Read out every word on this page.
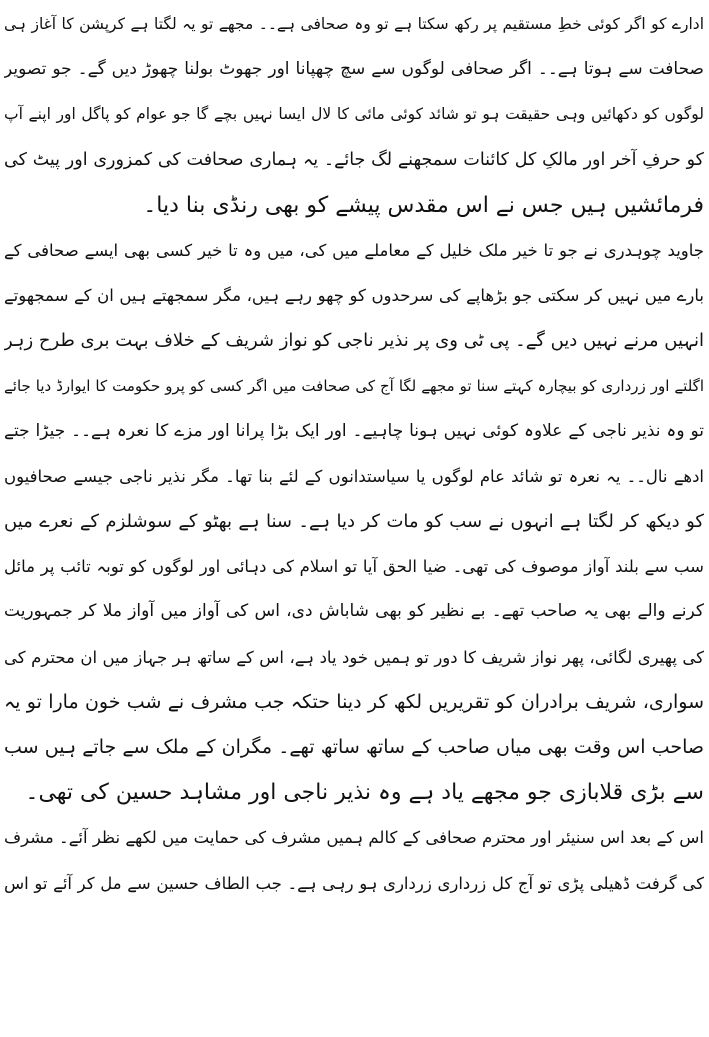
ادارے کو اگر کوئی خطِ مستقیم پر رکھ سکتا ہے تو وہ صحافی ہے۔۔ مجھے تو یہ لگتا ہے کرپشن کا آغاز ہی
صحافت سے ہوتا ہے۔۔ اگر صحافی لوگوں سے سچ چھپانا اور جھوٹ بولنا چھوڑ دیں گے۔ جو تصویر
لوگوں کو دکھائیں وہی حقیقت ہو تو شائد کوئی مائی کا لال ایسا نہیں بچے گا جو عوام کو پاگل اور اپنے آپ
کو حرفِ آخر اور مالکِ کل کائنات سمجھنے لگ جائے۔ یہ ہماری صحافت کی کمزوری اور پیٹ کی
فرمائشیں ہیں جس نے اس مقدس پیشے کو بھی رنڈی بنا دیا۔
جاوید چوہدری نے جو تا خیر ملک خلیل کے معاملے میں کی، میں وہ تا خیر کسی بھی ایسے صحافی کے
بارے میں نہیں کر سکتی جو بڑھاپے کی سرحدوں کو چھو رہے ہیں، مگر سمجھتے ہیں ان کے سمجھوتے
انہیں مرنے نہیں دیں گے۔ پی ٹی وی پر نذیر ناجی کو نواز شریف کے خلاف بہت بری طرح زہر
اگلتے اور زرداری کو بیچارہ کہتے سنا تو مجھے لگا آج کی صحافت میں اگر کسی کو پرو حکومت کا ایوارڈ دیا جائے
تو وہ نذیر ناجی کے علاوہ کوئی نہیں ہونا چاہیے۔ اور ایک بڑا پرانا اور مزے کا نعرہ ہے۔۔ جیڑا جتے
ادھے نال۔۔ یہ نعرہ تو شائد عام لوگوں یا سیاستدانوں کے لئے بنا تھا۔ مگر نذیر ناجی جیسے صحافیوں
کو دیکھ کر لگتا ہے انہوں نے سب کو مات کر دیا ہے۔ سنا ہے بھٹو کے سوشلزم کے نعرے میں
سب سے بلند آواز موصوف کی تھی۔ ضیا الحق آیا تو اسلام کی دہائی اور لوگوں کو توبہ تائب پر مائل
کرنے والے بھی یہ صاحب تھے۔ بے نظیر کو بھی شاباش دی، اس کی آواز میں آواز ملا کر جمہوریت
کی پھیری لگائی، پھر نواز شریف کا دور تو ہمیں خود یاد ہے، اس کے ساتھ ہر جہاز میں ان محترم کی
سواری، شریف برادران کو تقریریں لکھ کر دینا حتکہ جب مشرف نے شب خون مارا تو یہ
صاحب اس وقت بھی میاں صاحب کے ساتھ ساتھ تھے۔ مگران کے ملک سے جاتے ہیں سب
سے بڑی قلابازی جو مجھے یاد ہے وہ نذیر ناجی اور مشاہد حسین کی تھی۔
اس کے بعد اس سنیئر اور محترم صحافی کے کالم ہمیں مشرف کی حمایت میں لکھے نظر آئے۔ مشرف
کی گرفت ڈھیلی پڑی تو آج کل زرداری زرداری ہو رہی ہے۔ جب الطاف حسین سے مل کر آئے تو اس
